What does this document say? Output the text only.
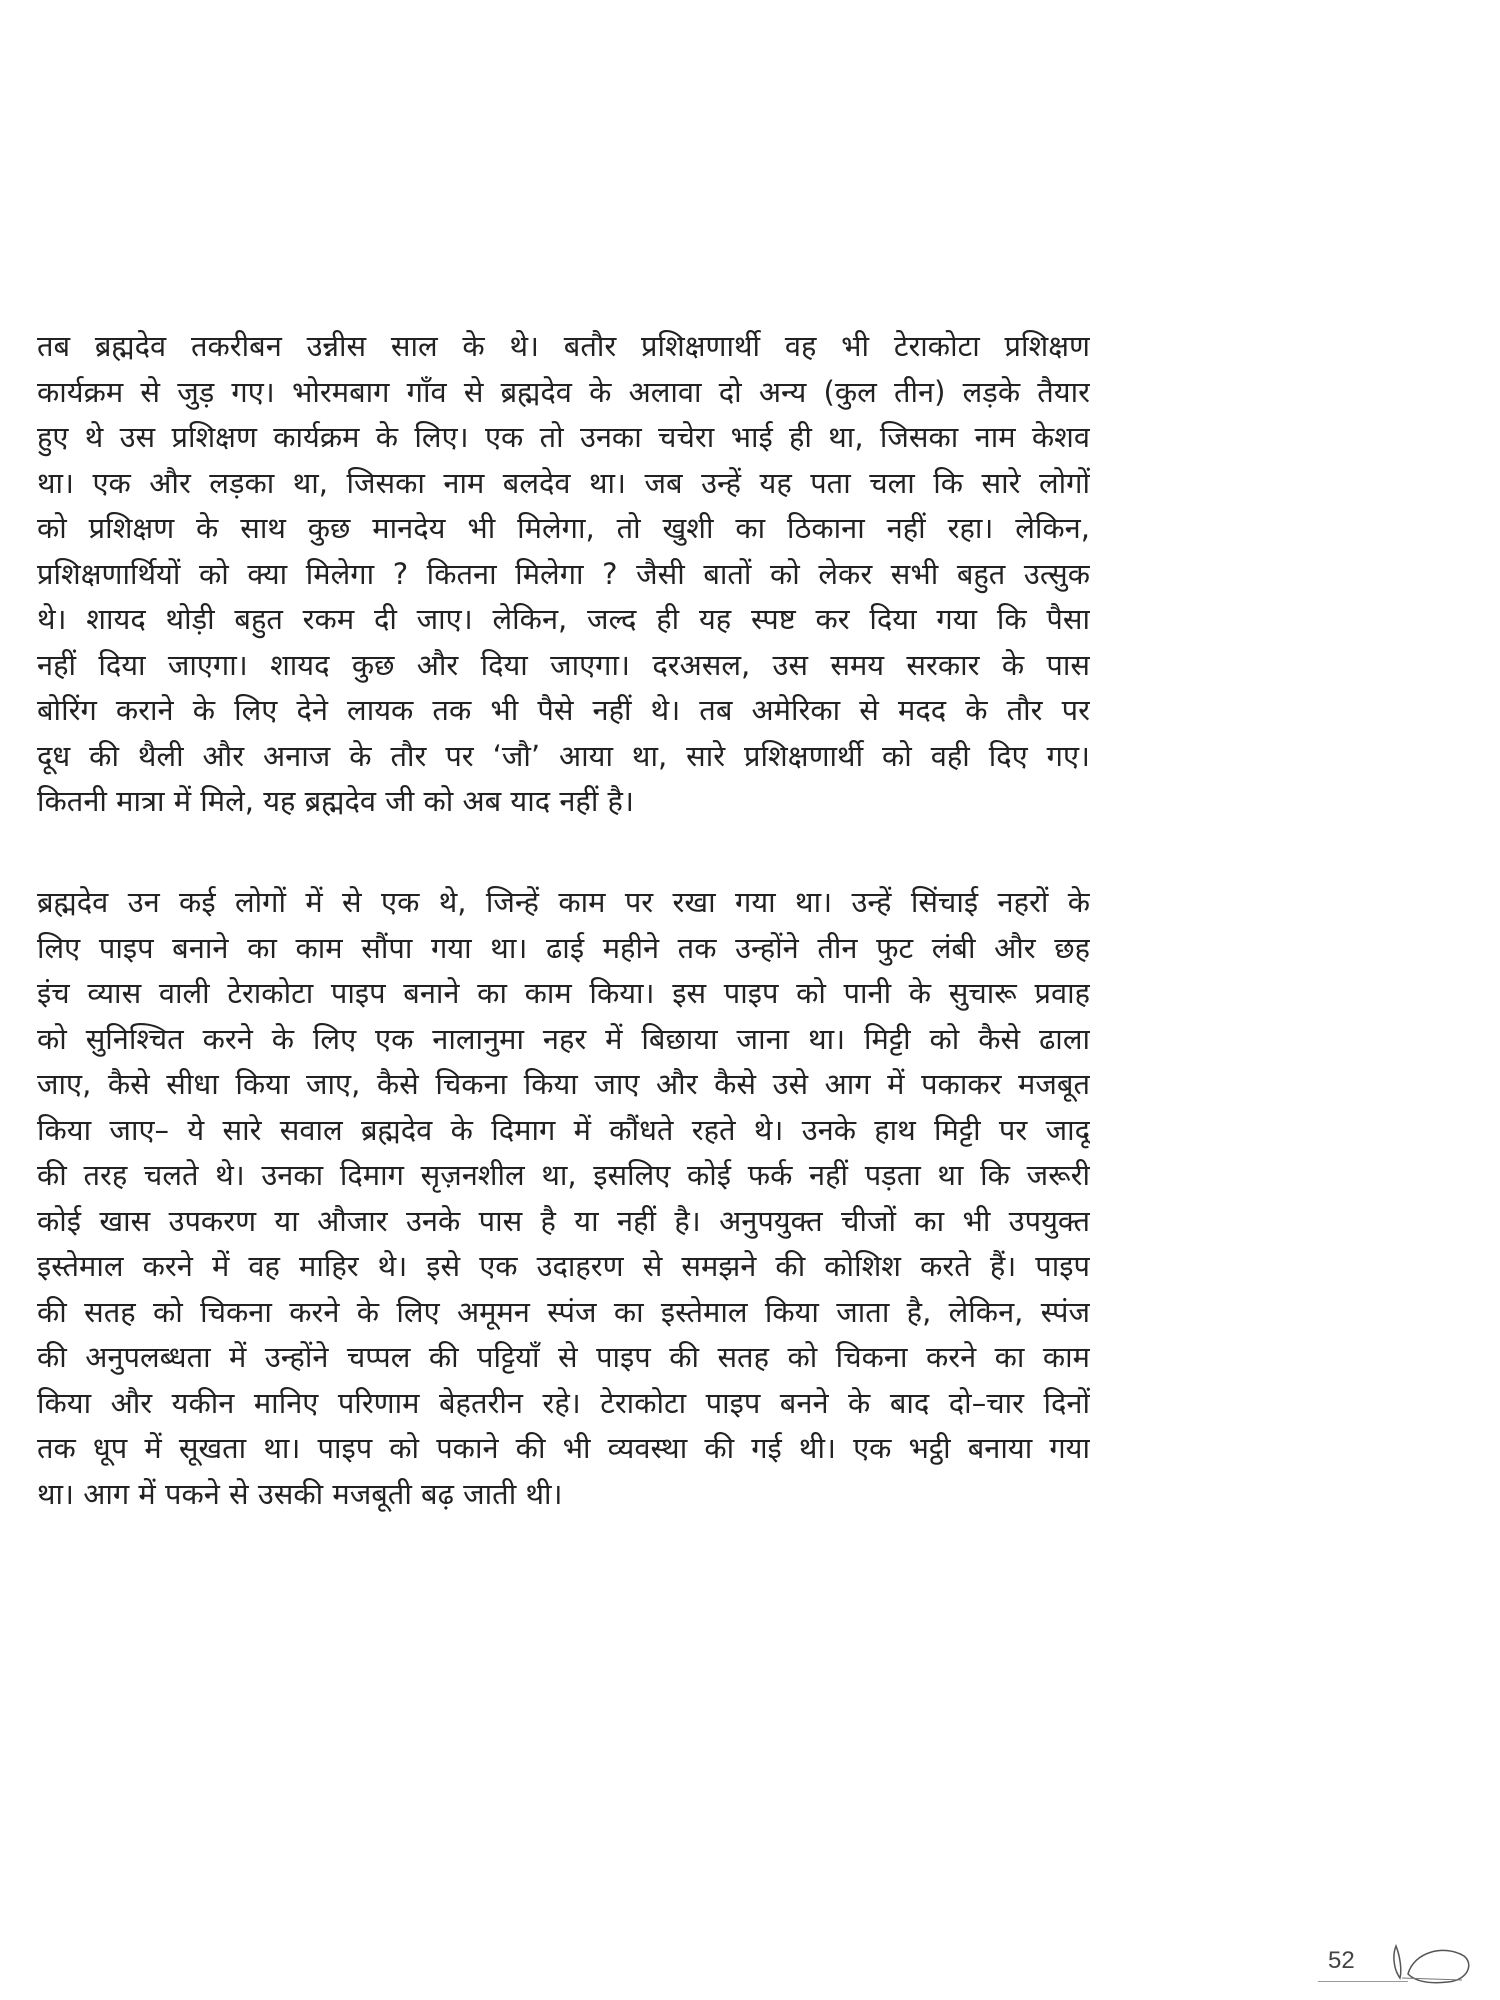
तब ब्रह्मदेव तकरीबन उन्नीस साल के थे। बतौर प्रशिक्षणार्थी वह भी टेराकोटा प्रशिक्षण
कार्यक्रम से जुड़ गए। भोरमबाग गाँव से ब्रह्मदेव के अलावा दो अन्य (कुल तीन) लड़के तैयार
हुए थे उस प्रशिक्षण कार्यक्रम के लिए। एक तो उनका चचेरा भाई ही था, जिसका नाम केशव
था। एक और लड़का था, जिसका नाम बलदेव था। जब उन्हें यह पता चला कि सारे लोगों
को प्रशिक्षण के साथ कुछ मानदेय भी मिलेगा, तो खुशी का ठिकाना नहीं रहा। लेकिन,
प्रशिक्षणार्थियों को क्या मिलेगा ? कितना मिलेगा ? जैसी बातों को लेकर सभी बहुत उत्सुक
थे। शायद थोड़ी बहुत रकम दी जाए। लेकिन, जल्द ही यह स्पष्ट कर दिया गया कि पैसा
नहीं दिया जाएगा। शायद कुछ और दिया जाएगा। दरअसल, उस समय सरकार के पास
बोरिंग कराने के लिए देने लायक तक भी पैसे नहीं थे। तब अमेरिका से मदद के तौर पर
दूध की थैली और अनाज के तौर पर ‘जौ’ आया था, सारे प्रशिक्षणार्थी को वही दिए गए।
कितनी मात्रा में मिले, यह ब्रह्मदेव जी को अब याद नहीं है।
ब्रह्मदेव उन कई लोगों में से एक थे, जिन्हें काम पर रखा गया था। उन्हें सिंचाई नहरों के
लिए पाइप बनाने का काम सौंपा गया था। ढाई महीने तक उन्होंने तीन फुट लंबी और छह
इंच व्यास वाली टेराकोटा पाइप बनाने का काम किया। इस पाइप को पानी के सुचारू प्रवाह
को सुनिश्चित करने के लिए एक नालानुमा नहर में बिछाया जाना था। मिट्टी को कैसे ढाला
जाए, कैसे सीधा किया जाए, कैसे चिकना किया जाए और कैसे उसे आग में पकाकर मजबूत
किया जाए– ये सारे सवाल ब्रह्मदेव के दिमाग में कौंधते रहते थे। उनके हाथ मिट्टी पर जादू
की तरह चलते थे। उनका दिमाग सृज़नशील था, इसलिए कोई फर्क नहीं पड़ता था कि जरूरी
कोई खास उपकरण या औजार उनके पास है या नहीं है। अनुपयुक्त चीजों का भी उपयुक्त
इस्तेमाल करने में वह माहिर थे। इसे एक उदाहरण से समझने की कोशिश करते हैं। पाइप
की सतह को चिकना करने के लिए अमूमन स्पंज का इस्तेमाल किया जाता है, लेकिन, स्पंज
की अनुपलब्धता में उन्होंने चप्पल की पट्टियाँ से पाइप की सतह को चिकना करने का काम
किया और यकीन मानिए परिणाम बेहतरीन रहे। टेराकोटा पाइप बनने के बाद दो–चार दिनों
तक धूप में सूखता था। पाइप को पकाने की भी व्यवस्था की गई थी। एक भट्ठी बनाया गया
था। आग में पकने से उसकी मजबूती बढ़ जाती थी।
52
